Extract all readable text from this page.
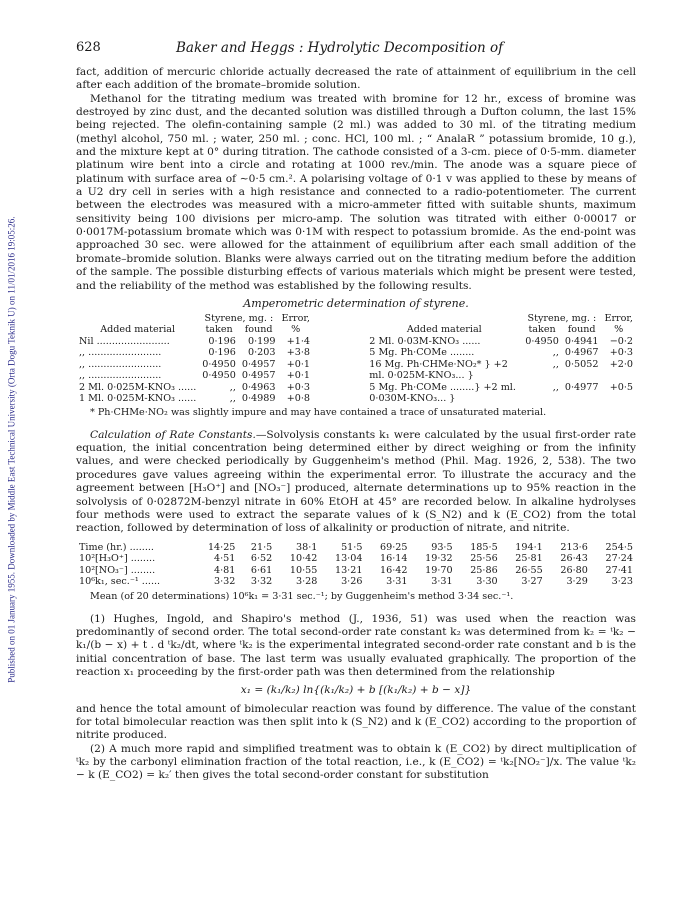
Published on 01 January 1955. Downloaded by Middle East Technical University (Orta Dogu Teknik U) on 11/01/2016 19:05:26.
628	Baker and Heggs : Hydrolytic Decomposition of

fact, addition of mercuric chloride actually decreased the rate of attainment of equilibrium in the cell after each addition of the bromate–bromide solution.

Methanol for the titrating medium was treated with bromine for 12 hr., excess of bromine was destroyed by zinc dust, and the decanted solution was distilled through a Dufton column, the last 15% being rejected. The olefin-containing sample (2 ml.) was added to 30 ml. of the titrating medium (methyl alcohol, 750 ml. ; water, 250 ml. ; conc. HCl, 100 ml. ; “ AnalaR ” potassium bromide, 10 g.), and the mixture kept at 0° during titration. The cathode consisted of a 3-cm. piece of 0·5-mm. diameter platinum wire bent into a circle and rotating at 1000 rev./min. The anode was a square piece of platinum with surface area of ∼0·5 cm.². A polarising voltage of 0·1 v was applied to these by means of a U2 dry cell in series with a high resistance and connected to a radio-potentiometer. The current between the electrodes was measured with a micro-ammeter fitted with suitable shunts, maximum sensitivity being 100 divisions per micro-amp. The solution was titrated with either 0·00017 or 0·0017M-potassium bromate which was 0·1M with respect to potassium bromide. As the end-point was approached 30 sec. were allowed for the attainment of equilibrium after each small addition of the bromate–bromide solution. Blanks were always carried out on the titrating medium before the addition of the sample. The possible disturbing effects of various materials which might be present were tested, and the reliability of the method was established by the following results.

Amperometric determination of styrene.
	Styrene, mg. :		Error,
Added material	taken	found	%
Nil ........................	0·196	0·199	+1·4
,, ........................	0·196	0·203	+3·8
,, ........................	0·4950	0·4957	+0·1
,, ........................	0·4950	0·4957	+0·1
2 Ml. 0·025M-KNO₃ ......	,,	0·4963	+0·3
1 Ml. 0·025M-KNO₃ ......	,,	0·4989	+0·8
	Styrene, mg. :		Error,
Added material	taken	found	%
2 Ml. 0·03M-KNO₃ ......	0·4950	0·4941	−0·2
5 Mg. Ph·COMe ........	,,	0·4967	+0·3
16 Mg. Ph·CHMe·NO₂* } +2 ml. 0·025M-KNO₃... }	,,	0·5052	+2·0
5 Mg. Ph·COMe ........} +2 ml. 0·030M-KNO₃... }	,,	0·4977	+0·5

* Ph·CHMe·NO₂ was slightly impure and may have contained a trace of unsaturated material.

Calculation of Rate Constants.—Solvolysis constants k₁ were calculated by the usual first-order rate equation, the initial concentration being determined either by direct weighing or from the infinity values, and were checked periodically by Guggenheim's method (Phil. Mag. 1926, 2, 538). The two procedures gave values agreeing within the experimental error. To illustrate the accuracy and the agreement between [H₃O⁺] and [NO₃⁻] produced, alternate determinations up to 95% reaction in the solvolysis of 0·02872M-benzyl nitrate in 60% EtOH at 45° are recorded below. In alkaline hydrolyses four methods were used to extract the separate values of k (S_N2) and k (E_CO2) from the total reaction, followed by determination of loss of alkalinity or production of nitrate, and nitrite.

Time (hr.) ........	14·25	21·5	38·1	51·5	69·25	93·5	185·5	194·1	213·6	254·5
10²[H₃O⁺] ........	4·51	6·52	10·42	13·04	16·14	19·32	25·56	25·81	26·43	27·24
10²[NO₃⁻] ........	4·81	6·61	10·55	13·21	16·42	19·70	25·86	26·55	26·80	27·41
10⁶k₁, sec.⁻¹ ......	3·32	3·32	3·28	3·26	3·31	3·31	3·30	3·27	3·29	3·23

Mean (of 20 determinations) 10⁶k₁ = 3·31 sec.⁻¹; by Guggenheim's method 3·34 sec.⁻¹.

(1) Hughes, Ingold, and Shapiro's method (J., 1936, 51) was used when the reaction was predominantly of second order. The total second-order rate constant k₂ was determined from k₂ = ᵗk₂ − k₁/(b − x) + t . d ᵗk₂/dt, where ᵗk₂ is the experimental integrated second-order rate constant and b is the initial concentration of base. The last term was usually evaluated graphically. The proportion of the reaction x₁ proceeding by the first-order path was then determined from the relationship

x₁ = (k₁/k₂) ln{(k₁/k₂) + b [(k₁/k₂) + b − x]}

and hence the total amount of bimolecular reaction was found by difference. The value of the constant for total bimolecular reaction was then split into k (S_N2) and k (E_CO2) according to the proportion of nitrite produced.

(2) A much more rapid and simplified treatment was to obtain k (E_CO2) by direct multiplication of ᵗk₂ by the carbonyl elimination fraction of the total reaction, i.e., k (E_CO2) = ᵗk₂[NO₂⁻]/x. The value ᵗk₂ − k (E_CO2) = k₂′ then gives the total second-order constant for substitution
